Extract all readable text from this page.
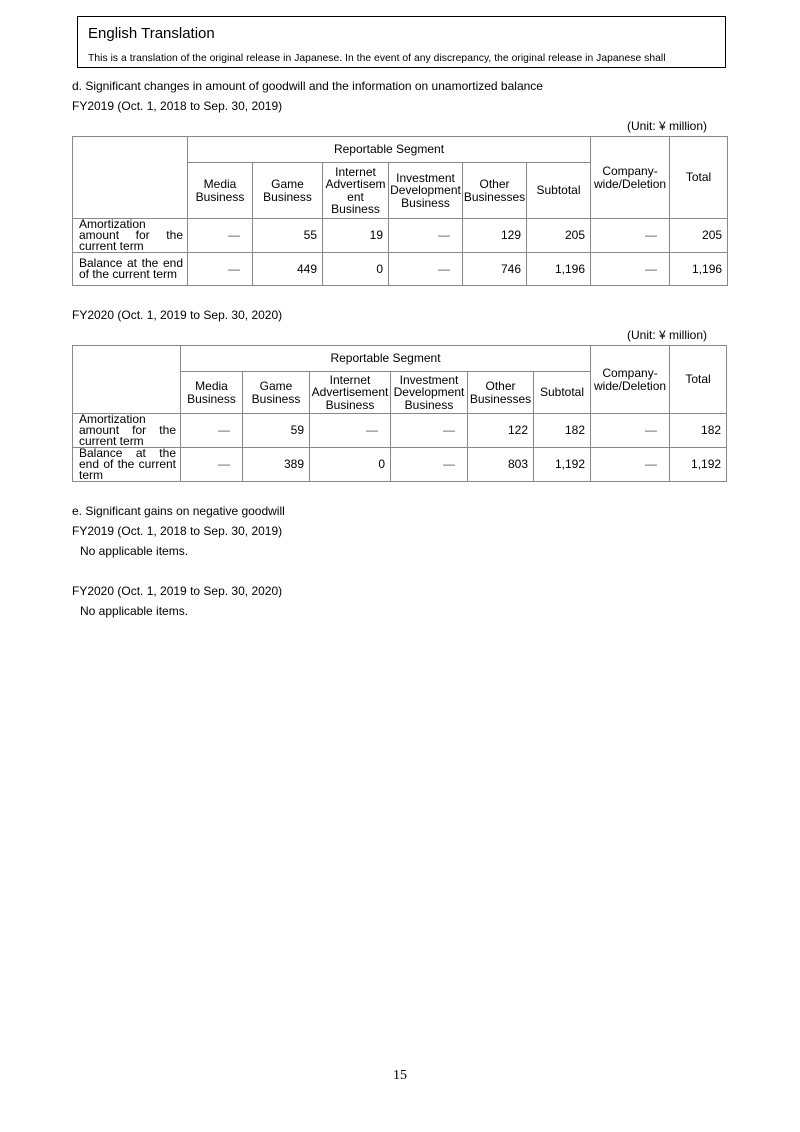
English Translation
This is a translation of the original release in Japanese. In the event of any discrepancy, the original release in Japanese shall
d. Significant changes in amount of goodwill and the information on unamortized balance
FY2019 (Oct. 1, 2018 to Sep. 30, 2019)
(Unit: ¥ million)
	Reportable Segment						Company-wide/Deletion	Total
	Media Business	Game Business	Internet Advertisem ent Business	Investment Development Business	Other Businesses	Subtotal		
Amortization amount for the current term	—	55	19	—	129	205	—	205
Balance at the end of the current term	—	449	0	—	746	1,196	—	1,196
FY2020 (Oct. 1, 2019 to Sep. 30, 2020)
(Unit: ¥ million)
	Reportable Segment						Company-wide/Deletion	Total
	Media Business	Game Business	Internet Advertisement Business	Investment Development Business	Other Businesses	Subtotal		
Amortization amount for the current term	—	59	—	—	122	182	—	182
Balance at the end of the current term	—	389	0	—	803	1,192	—	1,192
e. Significant gains on negative goodwill
FY2019 (Oct. 1, 2018 to Sep. 30, 2019)
No applicable items.
FY2020 (Oct. 1, 2019 to Sep. 30, 2020)
No applicable items.
15
